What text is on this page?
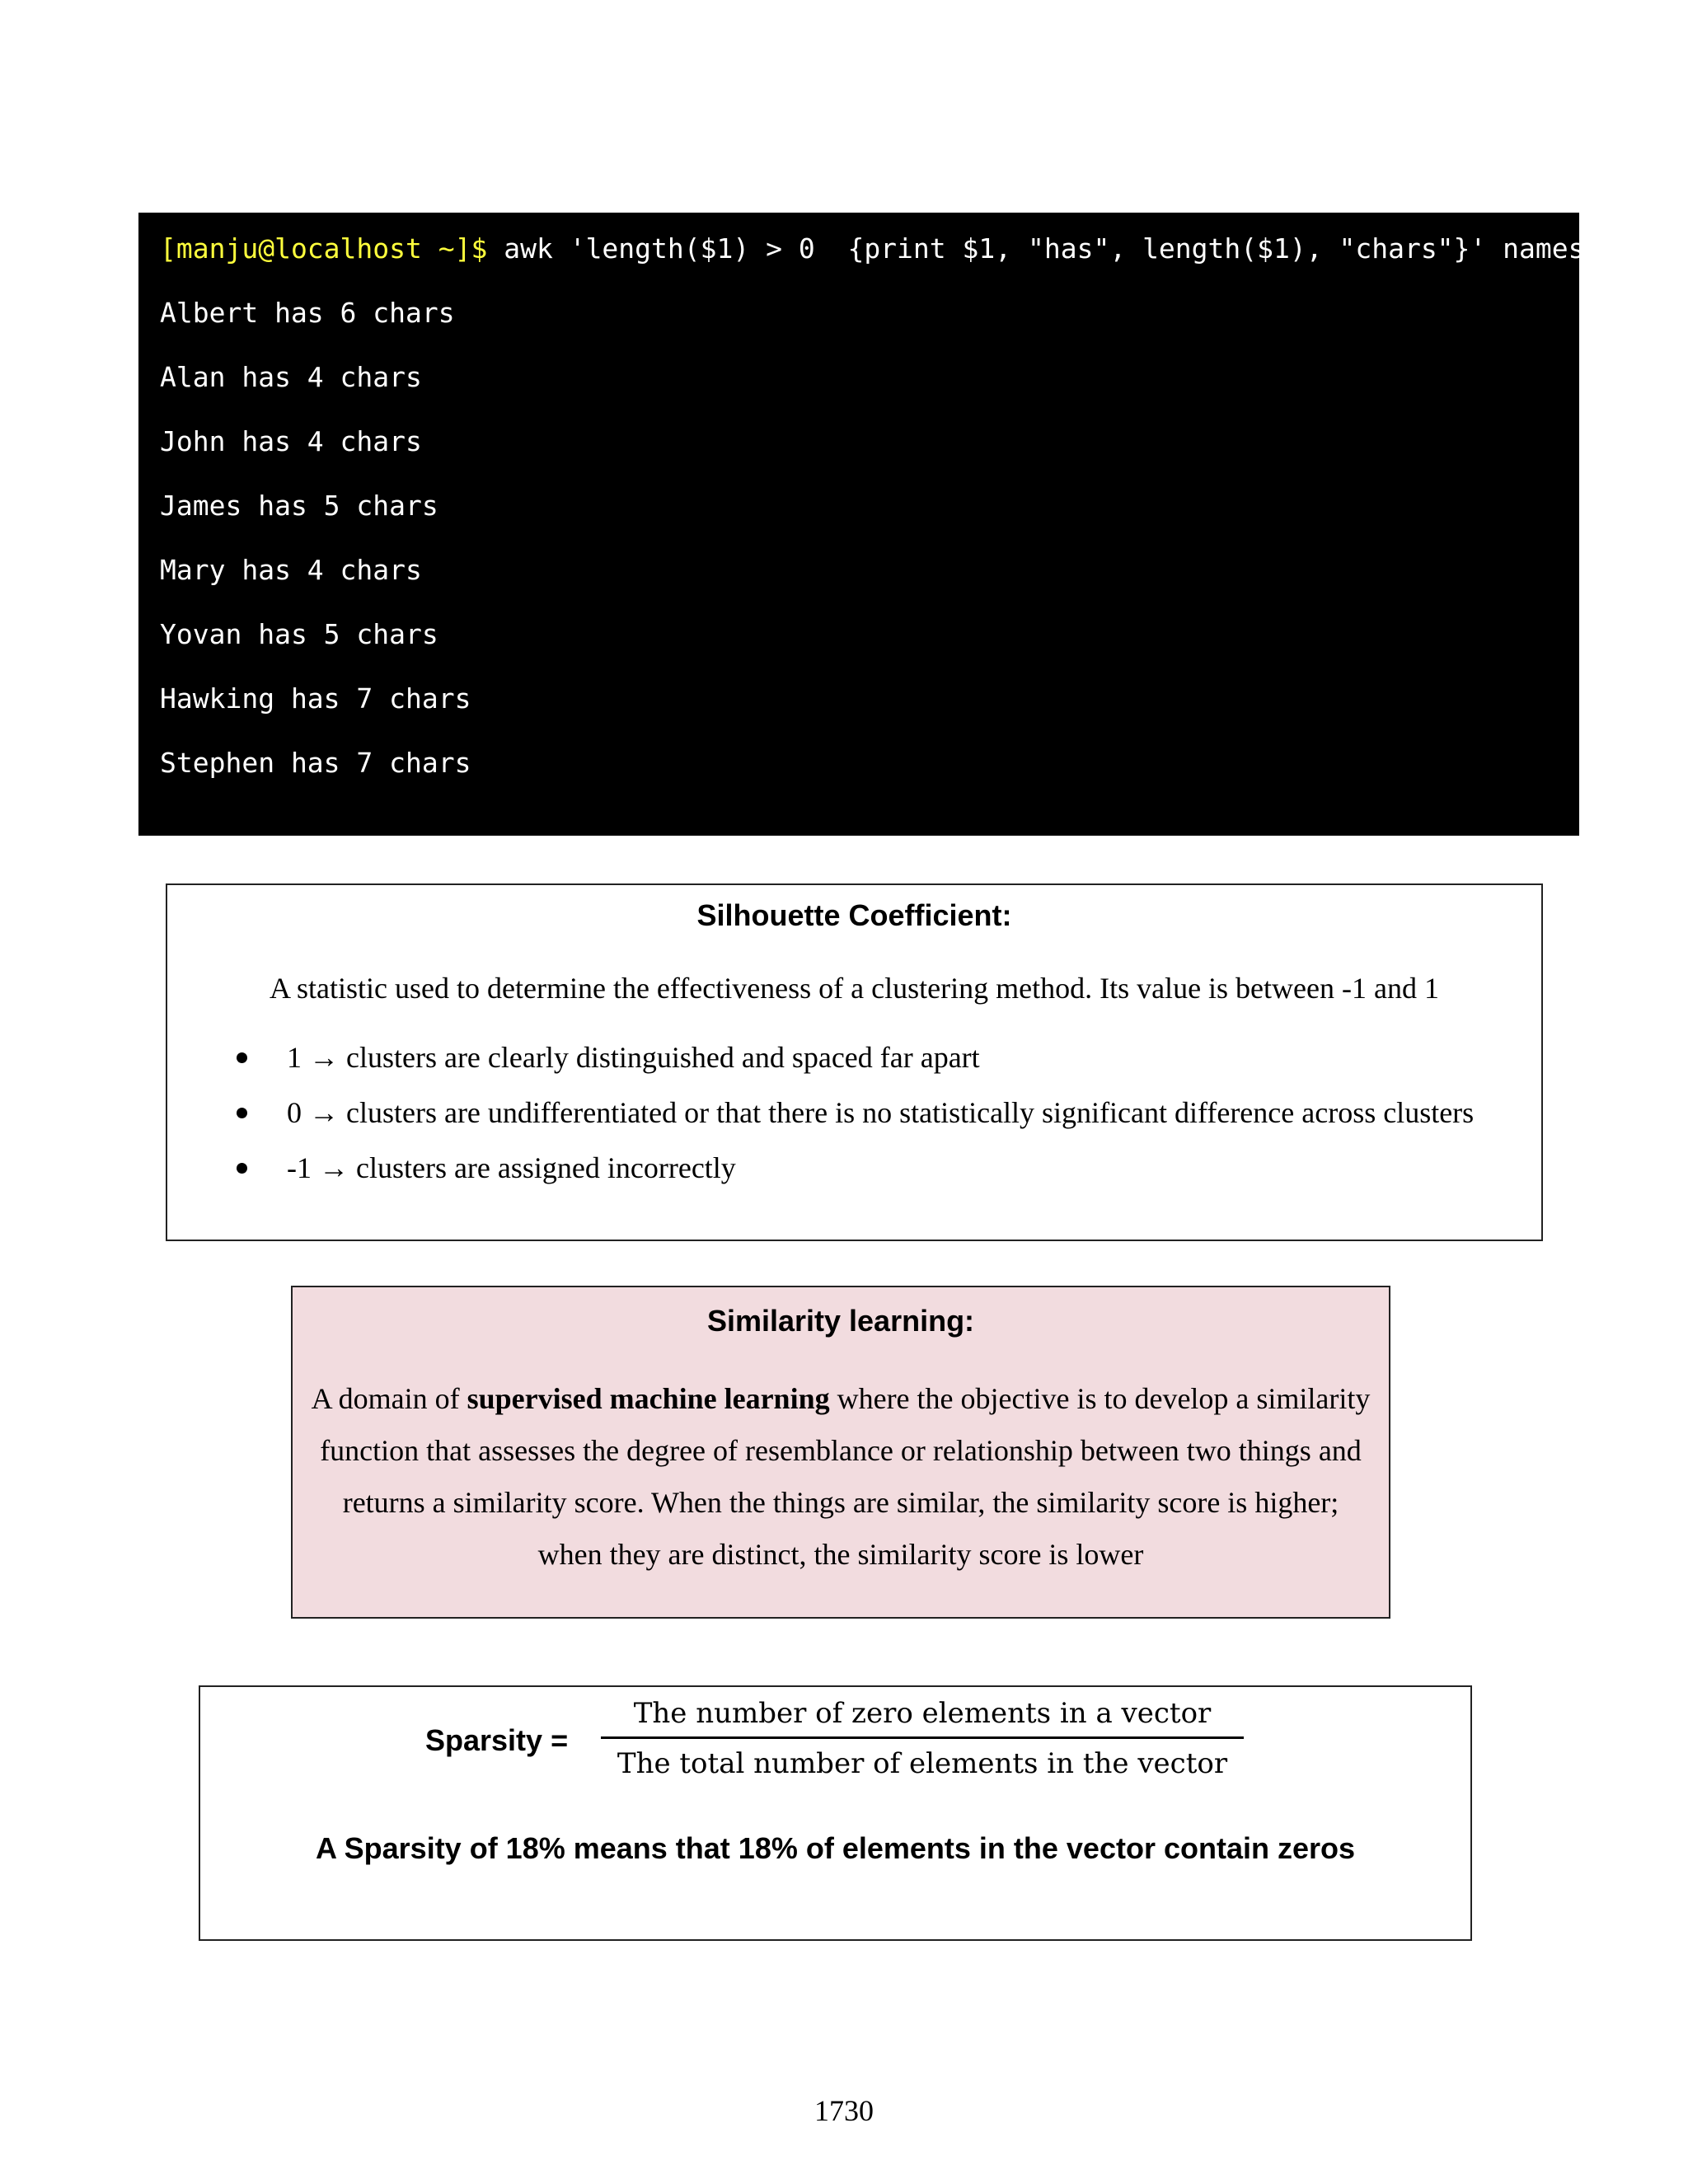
[manju@localhost ~]$ awk 'length($1) > 0  {print $1, "has", length($1), "chars"}' names.txt
Albert has 6 chars
Alan has 4 chars
John has 4 chars
James has 5 chars
Mary has 4 chars
Yovan has 5 chars
Hawking has 7 chars
Stephen has 7 chars
Silhouette Coefficient:
A statistic used to determine the effectiveness of a clustering method. Its value is between -1 and 1
1 → clusters are clearly distinguished and spaced far apart
0 → clusters are undifferentiated or that there is no statistically significant difference across clusters
-1 → clusters are assigned incorrectly
Similarity learning:
A domain of supervised machine learning where the objective is to develop a similarity function that assesses the degree of resemblance or relationship between two things and returns a similarity score. When the things are similar, the similarity score is higher; when they are distinct, the similarity score is lower
Sparsity =
The number of zero elements in a vector
The total number of elements in the vector
A Sparsity of 18% means that 18% of elements in the vector contain zeros
1730
